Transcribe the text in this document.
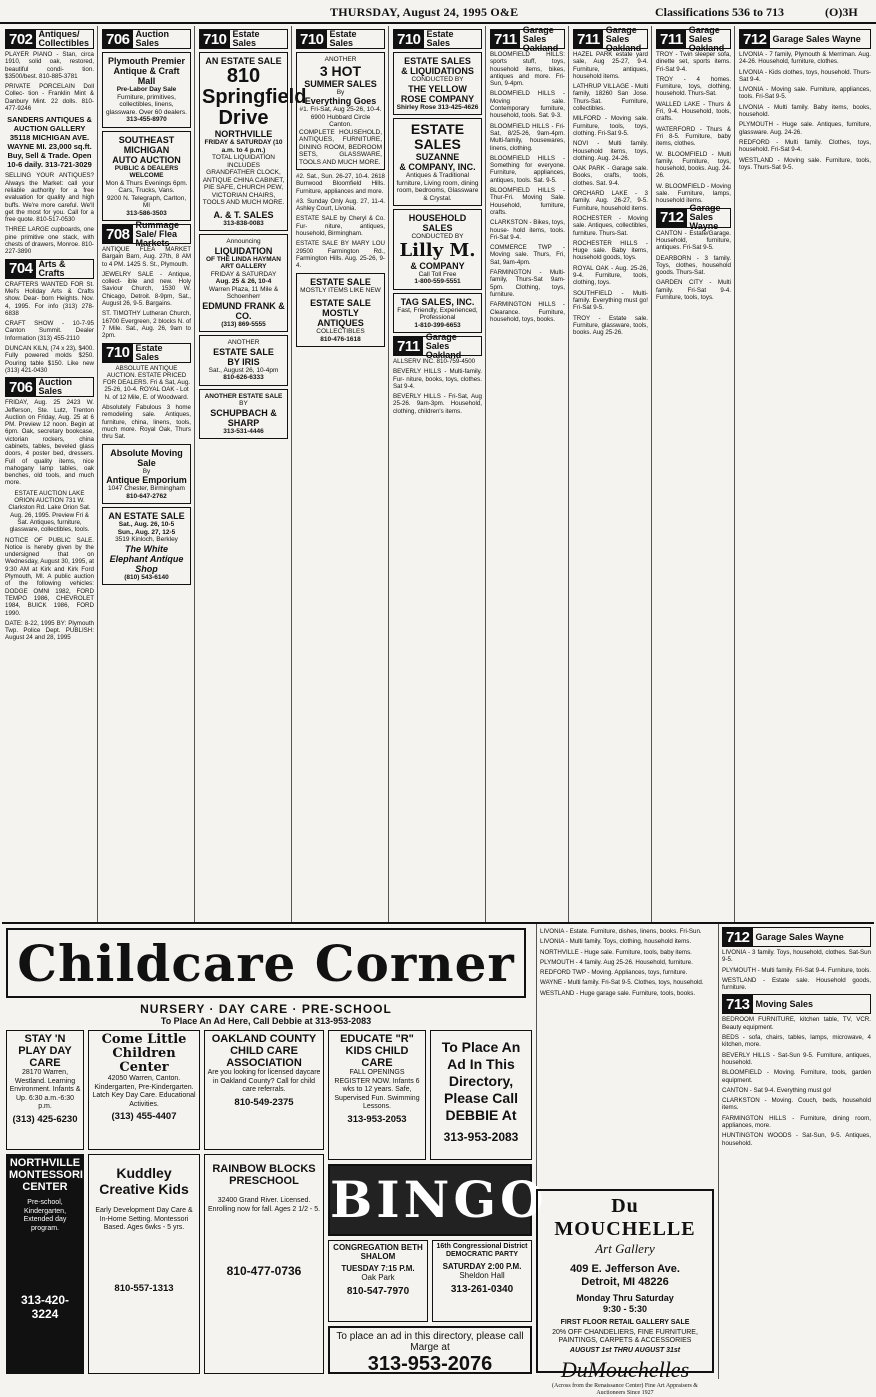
THURSDAY, August 24, 1995 O&E	Classifications 536 to 713	(O)3H
702 Antiques/ Collectibles

PLAYER PIANO - Stan, circa 1910, solid oak, restored, beautiful condi- tion. $3500/best. 810-885-3781

PRIVATE PORCELAIN Doll Collec- tion - Franklin Mint & Danbury Mint. 22 dolls. 810-477-9246

SANDERS ANTIQUES & AUCTION GALLERY 35118 MICHIGAN AVE. WAYNE MI. 23,000 sq.ft. Buy, Sell & Trade. Open 10-6 daily. 313-721-3029

SELLING YOUR ANTIQUES? Always the Market: call your reliable authority for a free evaluation for quality and high buffs. We're more careful. We'll get the most for you. Call for a free quote. 810-517-0530

THREE LARGE cupboards, one pine primitive one stack, with chests of drawers, Monroe. 810-227-3890

704 Arts & Crafts

CRAFTERS WANTED FOR St. Mel's Holiday Arts & Crafts show. Dear- born Heights. Nov. 4, 1995. For info (313) 278-6838

CRAFT SHOW - 10-7-95 Canton Summit. Dealer Information (313) 455-2110

DUNCAN KILN, (74 x 23), $400. Fully powered molds $250. Pouring table $150. Like new (313) 421-0430

706 Auction Sales

FRIDAY, Aug. 25 2423 W. Jefferson, Ste. Lutz, Trenton Auction on Friday, Aug. 25 at 6 PM. Preview 12 noon. Begin at 6pm. Oak, secretary bookcase, victorian rockers, china cabinets, tables, beveled glass doors, 4 poster bed, dressers. Full of quality items, nice mahogany lamp tables, oak benches, old tools, and much more.

ESTATE AUCTION LAKE ORION AUCTION 731 W. Clarkston Rd. Lake Orion Sat. Aug. 26, 1995. Preview Fri & Sat. Antiques, furniture, glassware, collectibles, tools.

NOTICE OF PUBLIC SALE. Notice is hereby given by the undersigned that on Wednesday, August 30, 1995, at 9:30 AM at Kirk and Kirk Ford Plymouth, MI. A public auction of the following vehicles: DODGE OMNI 1982, FORD TEMPO 1986, CHEVROLET 1984, BUICK 1986, FORD 1990.

DATE: 8-22, 1995 BY: Plymouth Twp. Police Dept. PUBLISH: August 24 and 28, 1995

706 Auction Sales
Plymouth Premier
Antique & Craft Mall
Pre-Labor Day Sale
Furniture, primitives, collectibles, linens, glassware. Over 60 dealers.
313-455-8970
SOUTHEAST MICHIGAN
AUTO AUCTION
PUBLIC & DEALERS WELCOME
Mon & Thurs Evenings 6pm. Cars, Trucks, Vans.
9200 N. Telegraph, Carlton, MI
313-586-3503
708
Rummage Sale/ Flea Markets

ANTIQUE FLEA MARKET Bargain Barn, Aug. 27th, 8 AM to 4 PM. 1425 S. St., Plymouth.

JEWELRY SALE - Antique, collect- ible and new. Holy Saviour Church, 1530 W. Chicago, Detroit. 8-9pm, Sat., August 26, 9-5. Bargains.

ST. TIMOTHY Lutheran Church, 16700 Evergreen, 2 blocks N. of 7 Mile. Sat., Aug. 26, 9am to 2pm.

710 Estate Sales

ABSOLUTE ANTIQUE AUCTION. ESTATE PRICED FOR DEALERS. Fri & Sat, Aug. 25-26, 10-4. ROYAL OAK - Lot N. of 12 Mile, E. of Woodward.

Absolutely Fabulous 3 home remodeling sale. Antiques, furniture, china, linens, tools, much more. Royal Oak, Thurs thru Sat.

Absolute Moving Sale
By
Antique Emporium
1047 Chester, Birmingham
810-647-2762
AN ESTATE SALE
Sat., Aug. 26, 10-5
Sun., Aug. 27, 12-5
3519 Kinloch, Berkley
The White Elephant Antique Shop
(810) 543-6140
710 Estate Sales
AN ESTATE SALE
810 Springfield Drive
NORTHVILLE
FRIDAY & SATURDAY (10 a.m. to 4 p.m.)
TOTAL LIQUIDATION INCLUDES GRANDFATHER CLOCK, ANTIQUE CHINA CABINET, PIE SAFE, CHURCH PEW, VICTORIAN CHAIRS, TOOLS AND MUCH MORE.
A. & T. SALES
313-838-0083
Announcing
LIQUIDATION
OF THE LINDA HAYMAN ART GALLERY
FRIDAY & SATURDAY
Aug. 25 & 26, 10-4
Warren Plaza, 11 Mile & Schoenherr
EDMUND FRANK & CO.
(313) 869-5555
ANOTHER
ESTATE SALE
BY IRIS
Sat., August 26, 10-4pm
810-626-6333
ANOTHER ESTATE SALE
BY
SCHUPBACH & SHARP
313-531-4446
710 Estate Sales
ANOTHER
3 HOT
SUMMER SALES
By
Everything Goes
#1. Fri-Sat, Aug 25-26, 10-4. 6900 Hubbard Circle Canton.
COMPLETE HOUSEHOLD, ANTIQUES, FURNITURE, DINING ROOM, BEDROOM SETS, GLASSWARE, TOOLS AND MUCH MORE.

#2. Sat., Sun. 26-27, 10-4. 2618 Burrwood Bloomfield Hills. Furniture, appliances and more.

#3. Sunday Only Aug. 27, 11-4. Ashley Court, Livonia.

ESTATE SALE by Cheryl & Co. Fur- niture, antiques, household, Birmingham.

ESTATE SALE BY MARY LOU 29500 Farmington Rd., Farmington Hills. Aug. 25-26, 9-4.

ESTATE SALE
MOSTLY ITEMS LIKE NEW
ESTATE SALE
MOSTLY ANTIQUES
COLLECTIBLES
810-476-1618
710 Estate Sales
ESTATE SALES
& LIQUIDATIONS
CONDUCTED BY
THE YELLOW ROSE COMPANY
Shirley Rose 313-425-4626
ESTATE SALES
SUZANNE
& COMPANY, INC.
Antiques & Traditional furniture, Living room, dining room, bedrooms, Glassware & Crystal.
HOUSEHOLD SALES
CONDUCTED BY
Lilly M.
& COMPANY
Call Toll Free
1-800-559-5551
TAG SALES, INC.
Fast, Friendly, Experienced, Professional
1-810-399-6653
711
Garage Sales Oakland

ALLSERV INC. 810-759-4500

BEVERLY HILLS - Multi-family. Fur- niture, books, toys, clothes. Sat 9-4.

BEVERLY HILLS - Fri-Sat, Aug 25-26. 9am-3pm. Household, clothing, children's items.

711
Garage Sales Oakland

BLOOMFIELD HILLS: sports stuff, toys, household items, bikes, antiques and more. Fri-Sun, 9-4pm.

BLOOMFIELD HILLS - Moving sale. Contemporary furniture, household, tools. Sat. 9-3.

BLOOMFIELD HILLS - Fri-Sat, 8/25-26, 9am-4pm. Multi-family, housewares, linens, clothing.

BLOOMFIELD HILLS - Something for everyone. Furniture, appliances, antiques, tools. Sat. 9-5.

BLOOMFIELD HILLS - Thur-Fri. Moving Sale. Household, furniture, crafts.

CLARKSTON - Bikes, toys, house- hold items, tools. Fri-Sat 9-4.

COMMERCE TWP - Moving sale. Thurs, Fri, Sat, 9am-4pm.

FARMINGTON - Multi-family, Thurs-Sat 9am-5pm. Clothing, toys, furniture.

FARMINGTON HILLS - Clearance. Furniture, household, toys, books.

711
Garage Sales Oakland

HAZEL PARK estate yard sale, Aug 25-27, 9-4. Furniture, antiques, household items.

LATHRUP VILLAGE - Multi family, 18260 San Jose. Thurs-Sat. Furniture, collectibles.

MILFORD - Moving sale. Furniture, tools, toys, clothing. Fri-Sat 9-5.

NOVI - Multi family. Household items, toys, clothing. Aug. 24-26.

OAK PARK - Garage sale. Books, crafts, tools, clothes. Sat. 9-4.

ORCHARD LAKE - 3 family. Aug. 26-27, 9-5. Furniture, household items.

ROCHESTER - Moving sale. Antiques, collectibles, furniture. Thurs-Sat.

ROCHESTER HILLS - Huge sale. Baby items, household goods, toys.

ROYAL OAK - Aug. 25-26, 9-4. Furniture, tools, clothing, toys.

SOUTHFIELD - Multi-family. Everything must go! Fri-Sat 9-5.

TROY - Estate sale. Furniture, glassware, tools, books. Aug 25-26.

711
Garage Sales Oakland

TROY - Twin sleeper sofa, dinette set, sports items. Fri-Sat 9-4.

TROY - 4 homes. Furniture, toys, clothing, household. Thurs-Sat.

WALLED LAKE - Thurs & Fri, 9-4. Household, tools, crafts.

WATERFORD - Thurs & Fri 8-5. Furniture, baby items, clothes.

W. BLOOMFIELD - Multi family. Furniture, toys, household, books. Aug. 24-26.

W. BLOOMFIELD - Moving sale. Furniture, lamps, household items.

712
Garage Sales Wayne

CANTON - Estate/Garage. Household, furniture, antiques. Fri-Sat 9-5.

DEARBORN - 3 family. Toys, clothes, household goods. Thurs-Sat.

GARDEN CITY - Multi family. Fri-Sat 9-4. Furniture, tools, toys.

712 Garage Sales Wayne

LIVONIA - 7 family, Plymouth & Merriman. Aug. 24-26. Household, furniture, clothes.

LIVONIA - Kids clothes, toys, household. Thurs-Sat 9-4.

LIVONIA - Moving sale. Furniture, appliances, tools. Fri-Sat 9-5.

LIVONIA - Multi family. Baby items, books, household.

PLYMOUTH - Huge sale. Antiques, furniture, glassware. Aug. 24-26.

REDFORD - Multi family. Clothes, toys, household. Fri-Sat 9-4.

WESTLAND - Moving sale. Furniture, tools, toys. Thurs-Sat 9-5.

Childcare Corner
NURSERY · DAY CARE · PRE-SCHOOL
To Place An Ad Here, Call Debbie at 313-953-2083
STAY 'N PLAY DAY CARE
28170 Warren, Westland. Learning Environment. Infants & Up. 6:30 a.m.-6:30 p.m.
(313) 425-6230
Come Little Children Center
42050 Warren, Canton. Kindergarten, Pre-Kindergarten. Latch Key Day Care. Educational Activities.
(313) 455-4407
OAKLAND COUNTY CHILD CARE ASSOCIATION
Are you looking for licensed daycare in Oakland County? Call for child care referrals.
810-549-2375
NORTHVILLE MONTESSORI CENTER
Pre-school, Kindergarten, Extended day program.
313-420-3224
Kuddley Creative Kids
Early Development Day Care & In-Home Setting. Montessori Based. Ages 6wks - 5 yrs.
810-557-1313
RAINBOW BLOCKS PRESCHOOL
32400 Grand River. Licensed. Enrolling now for fall. Ages 2 1/2 - 5.
810-477-0736
EDUCATE "R" KIDS CHILD CARE
FALL OPENINGS REGISTER NOW. Infants 6 wks to 12 years. Safe, Supervised Fun. Swimming Lessons.
313-953-2053
To Place An Ad In This Directory, Please Call DEBBIE At
313-953-2083
BINGO
CONGREGATION BETH SHALOM
TUESDAY 7:15 P.M.
Oak Park
810-547-7970
16th Congressional District DEMOCRATIC PARTY
SATURDAY 2:00 P.M.
Sheldon Hall
313-261-0340
To place an ad in this directory, please call Marge at
313-953-2076

LIVONIA - Estate. Furniture, dishes, linens, books. Fri-Sun.

LIVONIA - Multi family. Toys, clothing, household items.

NORTHVILLE - Huge sale. Furniture, tools, baby items.

PLYMOUTH - 4 family. Aug 25-26. Household, furniture.

REDFORD TWP - Moving. Appliances, toys, furniture.

WAYNE - Multi family. Fri-Sat 9-5. Clothes, toys, household.

WESTLAND - Huge garage sale. Furniture, tools, books.

Du MOUCHELLE
Art Gallery
409 E. Jefferson Ave.
Detroit, MI 48226
Monday Thru Saturday
9:30 - 5:30
FIRST FLOOR RETAIL GALLERY SALE
20% OFF CHANDELIERS, FINE FURNITURE, PAINTINGS, CARPETS & ACCESSORIES
AUGUST 1st THRU AUGUST 31st
DuMouchelles
(Across from the Renaissance Center) Fine Art Appraisers & Auctioneers Since 1927
712 Garage Sales Wayne

LIVONIA - 3 family. Toys, household, clothes. Sat-Sun 9-5.

PLYMOUTH - Multi family. Fri-Sat 9-4. Furniture, tools.

WESTLAND - Estate sale. Household goods, furniture.

713 Moving Sales

BEDROOM FURNITURE, kitchen table, TV, VCR. Beauty equipment.

BEDS - sofa, chairs, tables, lamps, microwave, 4 kitchen, more.

BEVERLY HILLS - Sat-Sun 9-5. Furniture, antiques, household.

BLOOMFIELD - Moving. Furniture, tools, garden equipment.

CANTON - Sat 9-4. Everything must go!

CLARKSTON - Moving. Couch, beds, household items.

FARMINGTON HILLS - Furniture, dining room, appliances, more.

HUNTINGTON WOODS - Sat-Sun, 9-5. Antiques, household.
